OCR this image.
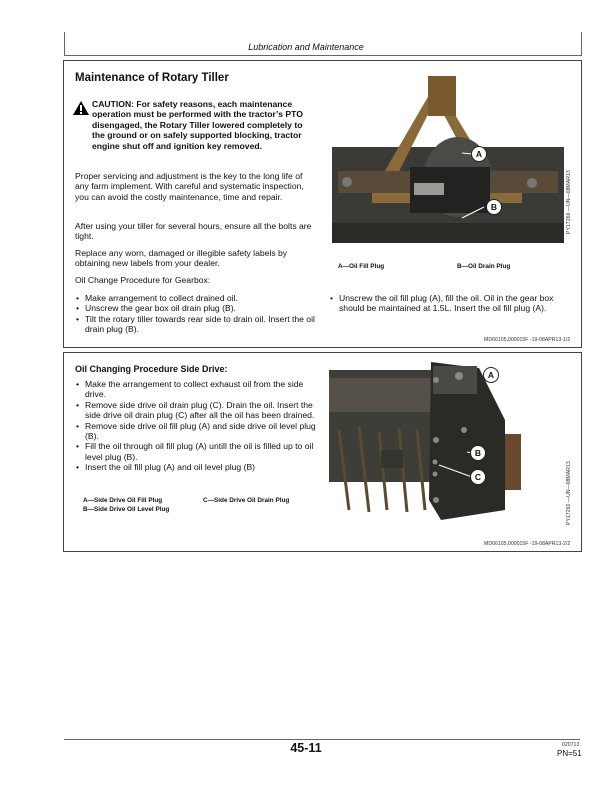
Lubrication and Maintenance
Maintenance of Rotary Tiller
CAUTION: For safety reasons, each maintenance operation must be performed with the tractor’s PTO disengaged, the Rotary Tiller lowered completely to the ground or on safely supported blocking, tractor engine shut off and ignition key removed.
Proper servicing and adjustment is the key to the long life of any farm implement. With careful and systematic inspection, you can avoid the costly maintenance, time and repair.
After using your tiller for several hours, ensure all the bolts are tight.
Replace any worn, damaged or illegible safety labels by obtaining new labels from your dealer.
Oil Change Procedure for Gearbox:
• Make arrangement to collect drained oil.
• Unscrew the gear box oil drain plug (B).
• Tilt the rotary tiller towards rear side to drain oil. Insert the oil drain plug (B).
A
B	PY17266 —UN—08MAR13
A—Oil Fill Plug	B—Oil Drain Plug
• Unscrew the oil fill plug (A), fill the oil. Oil in the gear box should be maintained at 1.5L. Insert the oil fill plug (A).
MD66105,000015F -19-08APR13-1/2
Oil Changing Procedure Side Drive:
• Make the arrangement to collect exhaust oil from the side drive.
• Remove side drive oil drain plug (C). Drain the oil. Insert the side drive oil drain plug (C) after all the oil has been drained.
• Remove side drive oil fill plug (A) and side drive oil level plug (B).
• Fill the oil through oil fill plug (A) untill the oil is filled up to oil level plug (B).
• Insert the oil fill plug (A) and oil level plug (B)
A—Side Drive Oil Fill Plug
B—Side Drive Oil Level Plug
C—Side Drive Oil Drain Plug
A
B
C	PY17260 —UN—08MAR13
MD66105,000015F -19-08APR13-2/2
45-11	020713
PN=51
